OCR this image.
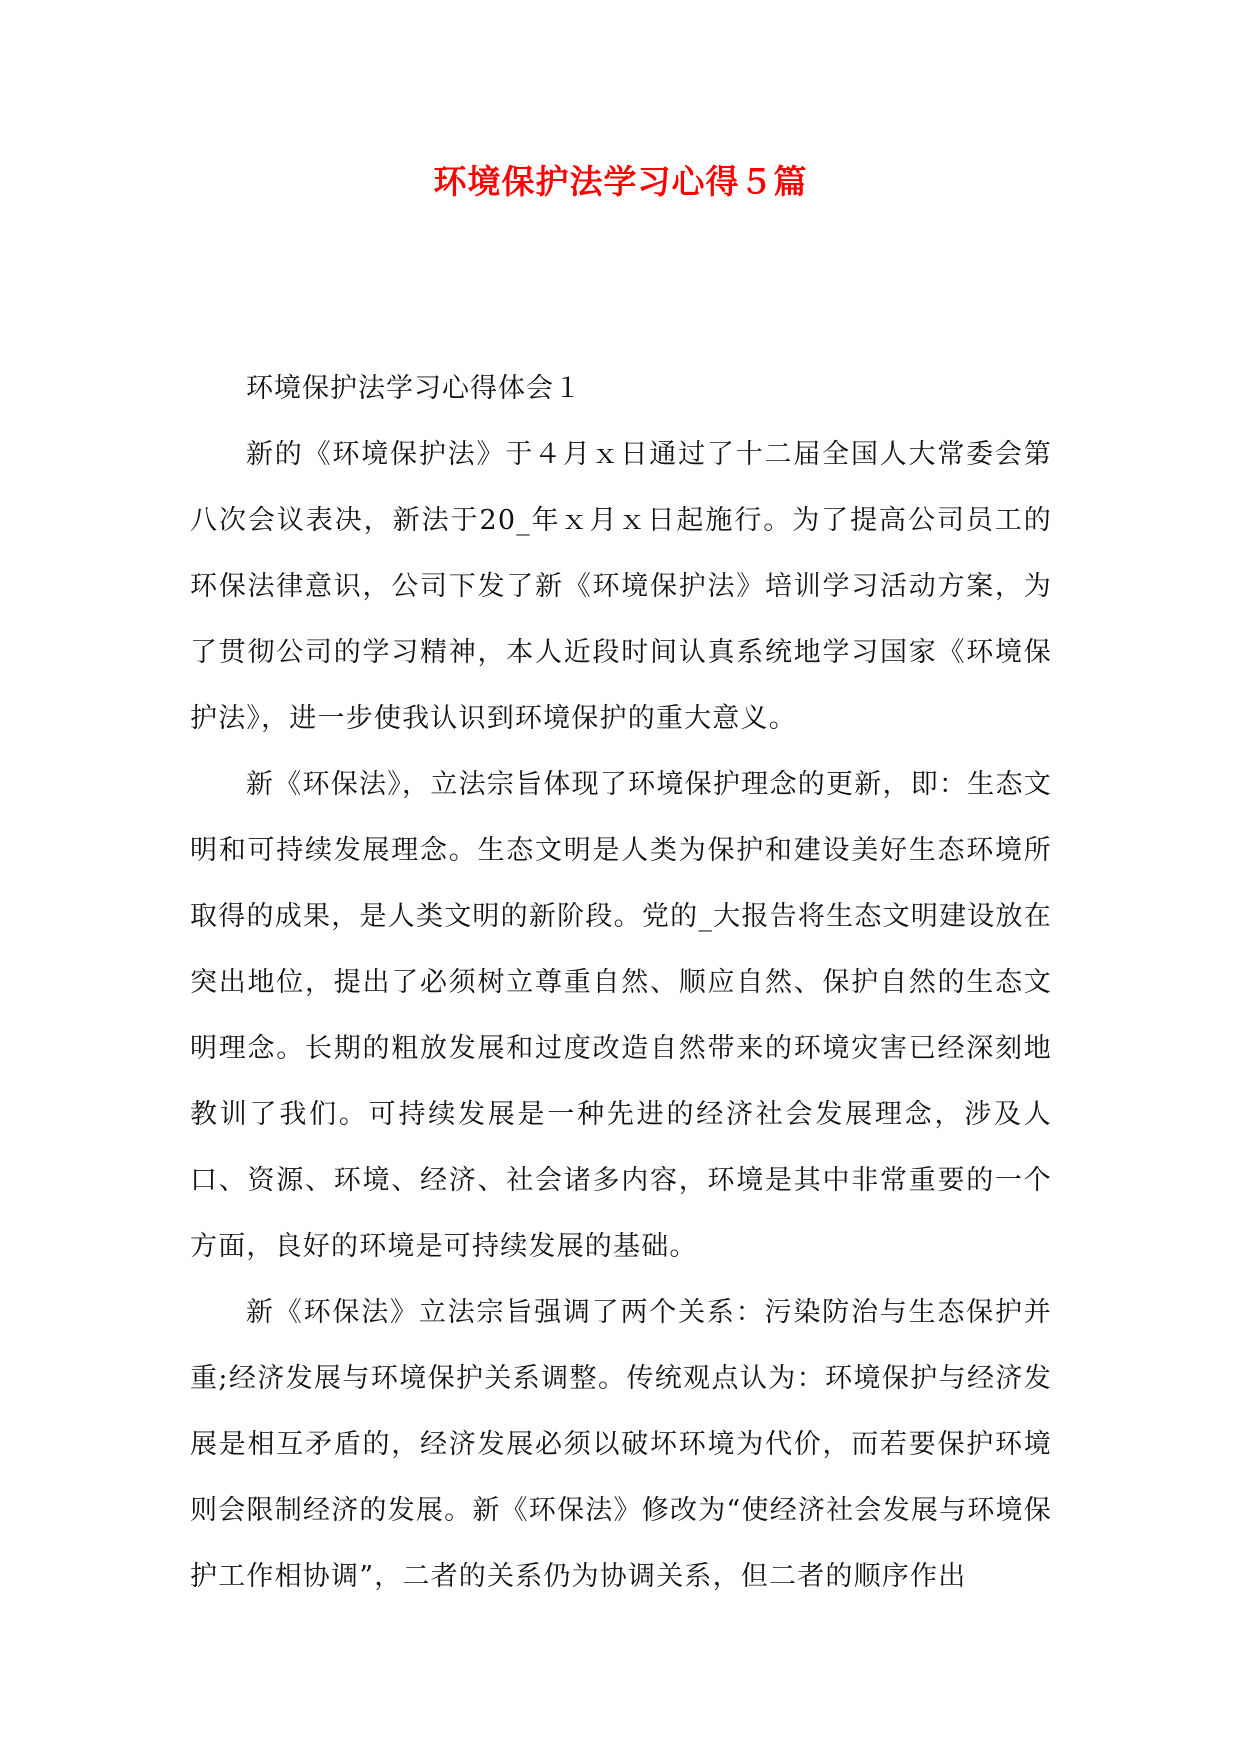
环境保护法学习心得５篇

环境保护法学习心得体会１

新的《环境保护法》于４月ｘ日通过了十二届全国人大常委会第八次会议表决，新法于20_年ｘ月ｘ日起施行。为了提高公司员工的环保法律意识，公司下发了新《环境保护法》培训学习活动方案，为了贯彻公司的学习精神，本人近段时间认真系统地学习国家《环境保护法》，进一步使我认识到环境保护的重大意义。

新《环保法》，立法宗旨体现了环境保护理念的更新，即：生态文明和可持续发展理念。生态文明是人类为保护和建设美好生态环境所取得的成果，是人类文明的新阶段。党的_大报告将生态文明建设放在突出地位，提出了必须树立尊重自然、顺应自然、保护自然的生态文明理念。长期的粗放发展和过度改造自然带来的环境灾害已经深刻地教训了我们。可持续发展是一种先进的经济社会发展理念，涉及人口、资源、环境、经济、社会诸多内容，环境是其中非常重要的一个方面，良好的环境是可持续发展的基础。

新《环保法》立法宗旨强调了两个关系：污染防治与生态保护并重;经济发展与环境保护关系调整。传统观点认为：环境保护与经济发展是相互矛盾的，经济发展必须以破坏环境为代价，而若要保护环境则会限制经济的发展。新《环保法》修改为“使经济社会发展与环境保护工作相协调”，二者的关系仍为协调关系，但二者的顺序作出
